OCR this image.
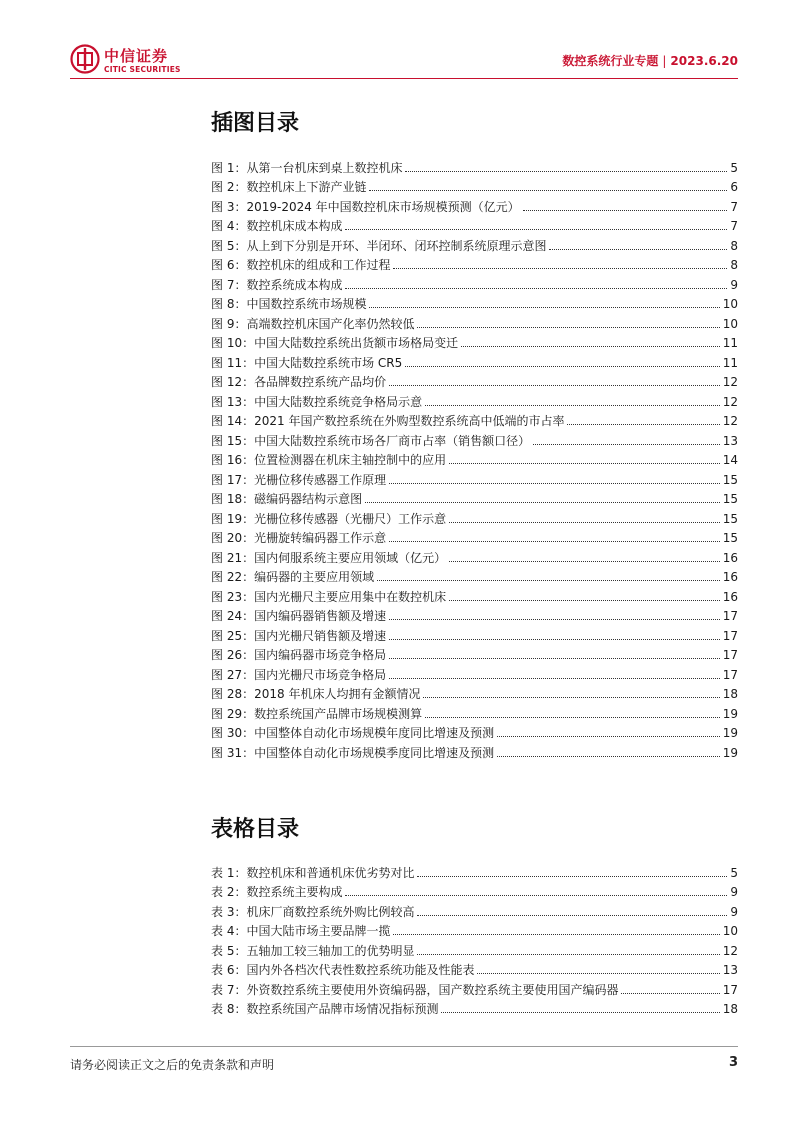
中信证券
CITIC SECURITIES
数控系统行业专题 | 2023.6.20
插图目录
图 1： 从第一台机床到桌上数控机床	5
图 2： 数控机床上下游产业链	6
图 3： 2019-2024 年中国数控机床市场规模预测（亿元）	7
图 4： 数控机床成本构成	7
图 5： 从上到下分别是开环、半闭环、闭环控制系统原理示意图	8
图 6： 数控机床的组成和工作过程	8
图 7： 数控系统成本构成	9
图 8： 中国数控系统市场规模	10
图 9： 高端数控机床国产化率仍然较低	10
图 10： 中国大陆数控系统出货额市场格局变迁	11
图 11： 中国大陆数控系统市场 CR5	11
图 12： 各品牌数控系统产品均价	12
图 13： 中国大陆数控系统竞争格局示意	12
图 14： 2021 年国产数控系统在外购型数控系统高中低端的市占率	12
图 15： 中国大陆数控系统市场各厂商市占率（销售额口径）	13
图 16： 位置检测器在机床主轴控制中的应用	14
图 17： 光栅位移传感器工作原理	15
图 18： 磁编码器结构示意图	15
图 19： 光栅位移传感器（光栅尺）工作示意	15
图 20： 光栅旋转编码器工作示意	15
图 21： 国内伺服系统主要应用领域（亿元）	16
图 22： 编码器的主要应用领域	16
图 23： 国内光栅尺主要应用集中在数控机床	16
图 24： 国内编码器销售额及增速	17
图 25： 国内光栅尺销售额及增速	17
图 26： 国内编码器市场竞争格局	17
图 27： 国内光栅尺市场竞争格局	17
图 28： 2018 年机床人均拥有金额情况	18
图 29： 数控系统国产品牌市场规模测算	19
图 30： 中国整体自动化市场规模年度同比增速及预测	19
图 31： 中国整体自动化市场规模季度同比增速及预测	19
表格目录
表 1： 数控机床和普通机床优劣势对比	5
表 2： 数控系统主要构成	9
表 3： 机床厂商数控系统外购比例较高	9
表 4： 中国大陆市场主要品牌一揽	10
表 5： 五轴加工较三轴加工的优势明显	12
表 6： 国内外各档次代表性数控系统功能及性能表	13
表 7： 外资数控系统主要使用外资编码器，国产数控系统主要使用国产编码器	17
表 8： 数控系统国产品牌市场情况指标预测	18
请务必阅读正文之后的免责条款和声明	3
